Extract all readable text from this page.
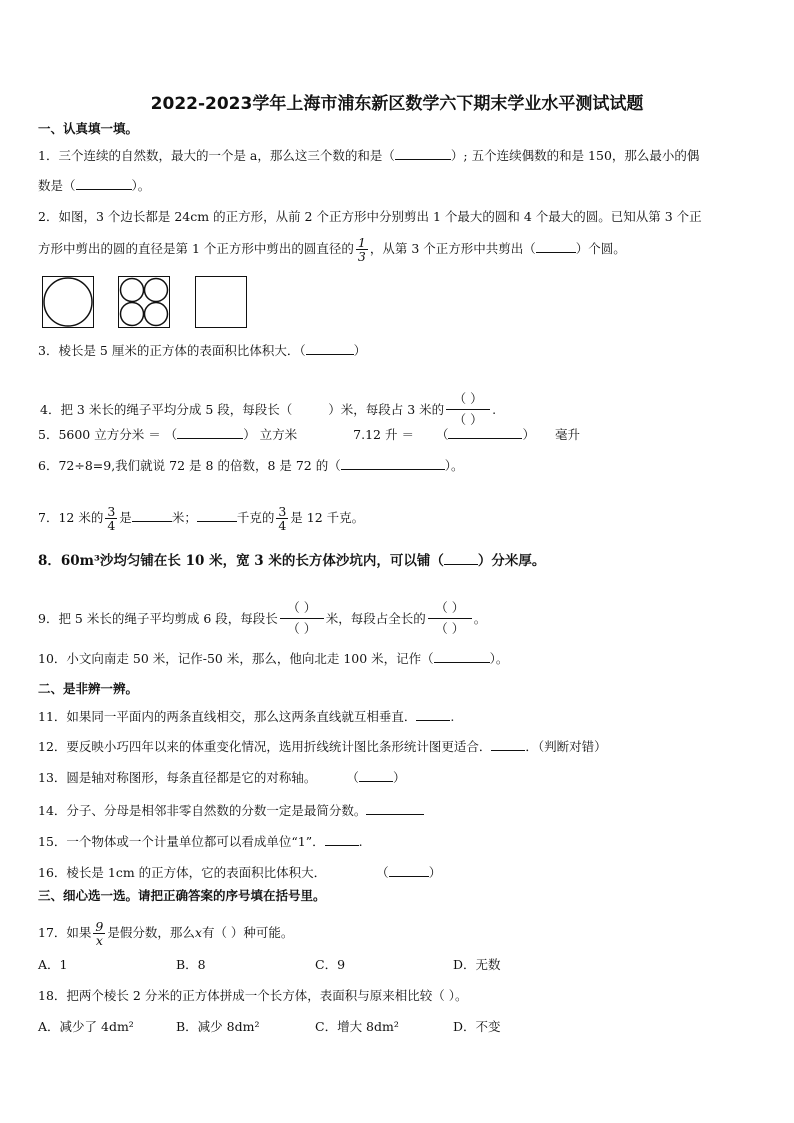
2022-2023学年上海市浦东新区数学六下期末学业水平测试试题
一、认真填一填。
1．三个连续的自然数，最大的一个是 a，那么这三个数的和是（	）; 五个连续偶数的和是 150，那么最小的偶
数是（	）。
2．如图，3 个边长都是 24cm 的正方形，从前 2 个正方形中分别剪出 1 个最大的圆和 4 个最大的圆。已知从第 3 个正
方形中剪出的圆的直径是第 1 个正方形中剪出的圆直径的 $\frac{1}{3}$ ，从第 3 个正方形中共剪出（	）个圆。
3．棱长是 5 厘米的正方体的表面积比体积大．（	）
4．把 3 米长的绳子平均分成 5 段，每段长（	）米，每段占 3 米的 $\frac{( )}{( )}$ .
5．5600 立方分米 ＝ （	） 立方米	7.12 升 ＝ （	） 毫升
6．72÷8=9,我们就说 72 是 8 的倍数，8 是 72 的（	）。
7．12 米的 $\frac{3}{4}$ 是	米；	千克的 $\frac{3}{4}$ 是 12 千克。
8．60m³沙均匀铺在长 10 米，宽 3 米的长方体沙坑内，可以铺（	）分米厚。
9．把 5 米长的绳子平均剪成 6 段，每段长 $\frac{( )}{( )}$ 米，每段占全长的 $\frac{( )}{( )}$ 。
10．小文向南走 50 米，记作-50 米，那么，他向北走 100 米，记作（	）。
二、是非辨一辨。
11．如果同一平面内的两条直线相交，那么这两条直线就互相垂直．	.
12．要反映小巧四年以来的体重变化情况，选用折线统计图比条形统计图更适合．	．（判断对错）
13．圆是轴对称图形，每条直径都是它的对称轴。 （	）
14．分子、分母是相邻非零自然数的分数一定是最简分数。
15．一个物体或一个计量单位都可以看成单位“1”．	.
16．棱长是 1cm 的正方体，它的表面积比体积大．	（	）
三、细心选一选。请把正确答案的序号填在括号里。
17．如果 $\frac{9}{x}$ 是假分数，那么x有（ ）种可能。
A．1	B．8	C．9	D．无数
18．把两个棱长 2 分米的正方体拼成一个长方体，表面积与原来相比较（ ）。
A．减少了 4dm²	B．减少 8dm²	C．增大 8dm²	D．不变
